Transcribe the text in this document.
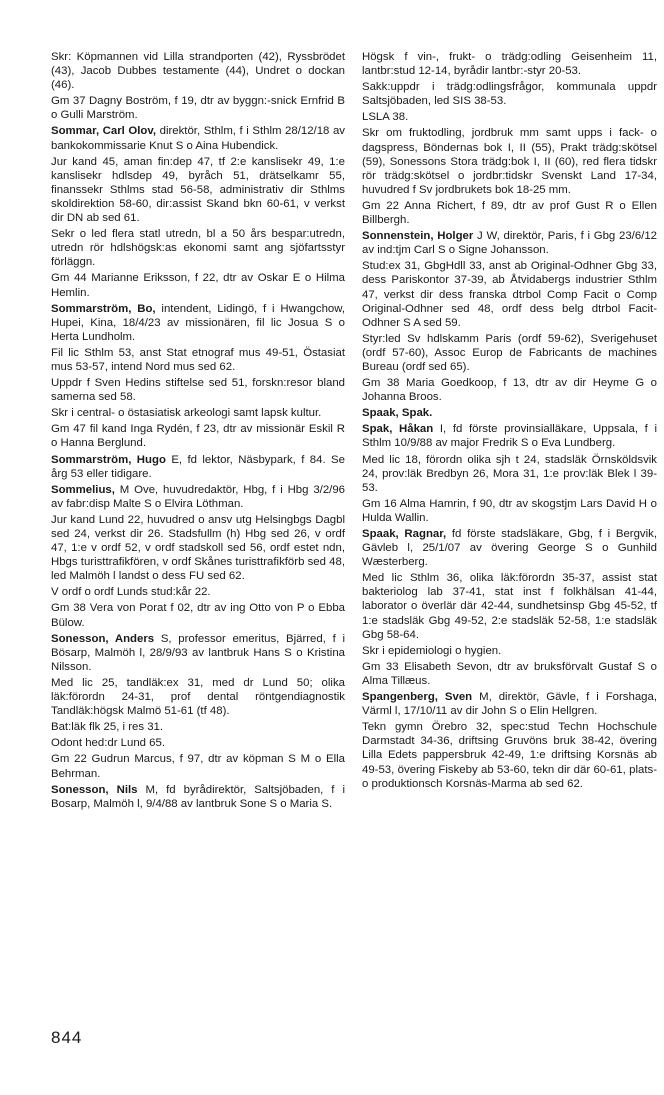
Skr: Köpmannen vid Lilla strandporten (42), Ryssbrödet (43), Jacob Dubbes testamente (44), Undret o dockan (46).

Gm 37 Dagny Boström, f 19, dtr av byggn:-snick Ernfrid B o Gulli Marström.

Sommar, Carl Olov, direktör, Sthlm, f i Sthlm 28/12/18 av bankokommissarie Knut S o Aina Hubendick.

Jur kand 45, aman fin:dep 47, tf 2:e kanslisekr 49, 1:e kanslisekr hdlsdep 49, byråch 51, drätselkamr 55, finanssekr Sthlms stad 56-58, administrativ dir Sthlms skoldirektion 58-60, dir:assist Skand bkn 60-61, v verkst dir DN ab sed 61.

Sekr o led flera statl utredn, bl a 50 års bespar:utredn, utredn rör hdlshögsk:as ekonomi samt ang sjöfartsstyr förläggn.

Gm 44 Marianne Eriksson, f 22, dtr av Oskar E o Hilma Hemlin.

Sommarström, Bo, intendent, Lidingö, f i Hwangchow, Hupei, Kina, 18/4/23 av missionären, fil lic Josua S o Herta Lundholm.

Fil lic Sthlm 53, anst Stat etnograf mus 49-51, Östasiat mus 53-57, intend Nord mus sed 62.

Uppdr f Sven Hedins stiftelse sed 51, forskn:resor bland samerna sed 58.

Skr i central- o östasiatisk arkeologi samt lapsk kultur.

Gm 47 fil kand Inga Rydén, f 23, dtr av missionär Eskil R o Hanna Berglund.

Sommarström, Hugo E, fd lektor, Näsbypark, f 84. Se årg 53 eller tidigare.

Sommelius, M Ove, huvudredaktör, Hbg, f i Hbg 3/2/96 av fabr:disp Malte S o Elvira Löthman.

Jur kand Lund 22, huvudred o ansv utg Helsingbgs Dagbl sed 24, verkst dir 26. Stadsfullm (h) Hbg sed 26, v ordf 47, 1:e v ordf 52, v ordf stadskoll sed 56, ordf estet ndn, Hbgs turisttrafikfören, v ordf Skånes turisttrafikförb sed 48, led Malmöh l landst o dess FU sed 62.

V ordf o ordf Lunds stud:kår 22.

Gm 38 Vera von Porat f 02, dtr av ing Otto von P o Ebba Bülow.

Sonesson, Anders S, professor emeritus, Bjärred, f i Bösarp, Malmöh l, 28/9/93 av lantbruk Hans S o Kristina Nilsson.

Med lic 25, tandläk:ex 31, med dr Lund 50; olika läk:förordn 24-31, prof dental röntgendiagnostik Tandläk:högsk Malmö 51-61 (tf 48).

Bat:läk flk 25, i res 31.

Odont hed:dr Lund 65.

Gm 22 Gudrun Marcus, f 97, dtr av köpman S M o Ella Behrman.

Sonesson, Nils M, fd byrådirektör, Saltsjöbaden, f i Bosarp, Malmöh l, 9/4/88 av lantbruk Sone S o Maria S.

Högsk f vin-, frukt- o trädg:odling Geisenheim 11, lantbr:stud 12-14, byrådir lantbr:-styr 20-53.

Sakk:uppdr i trädg:odlingsfrågor, kommunala uppdr Saltsjöbaden, led SIS 38-53.

LSLA 38.

Skr om fruktodling, jordbruk mm samt upps i fack- o dagspress, Böndernas bok I, II (55), Prakt trädg:skötsel (59), Sonessons Stora trädg:bok I, II (60), red flera tidskr rör trädg:skötsel o jordbr:tidskr Svenskt Land 17-34, huvudred f Sv jordbrukets bok 18-25 mm.

Gm 22 Anna Richert, f 89, dtr av prof Gust R o Ellen Billbergh.

Sonnenstein, Holger J W, direktör, Paris, f i Gbg 23/6/12 av ind:tjm Carl S o Signe Johansson.

Stud:ex 31, GbgHdll 33, anst ab Original-Odhner Gbg 33, dess Pariskontor 37-39, ab Åtvidabergs industrier Sthlm 47, verkst dir dess franska dtrbol Comp Facit o Comp Original-Odhner sed 48, ordf dess belg dtrbol Facit-Odhner S A sed 59.

Styr:led Sv hdlskamm Paris (ordf 59-62), Sverigehuset (ordf 57-60), Assoc Europ de Fabricants de machines Bureau (ordf sed 65).

Gm 38 Maria Goedkoop, f 13, dtr av dir Heyme G o Johanna Broos.

Spaak, Spak.

Spak, Håkan I, fd förste provinsialläkare, Uppsala, f i Sthlm 10/9/88 av major Fredrik S o Eva Lundberg.

Med lic 18, förordn olika sjh t 24, stadsläk Örnsköldsvik 24, prov:läk Bredbyn 26, Mora 31, 1:e prov:läk Blek l 39-53.

Gm 16 Alma Hamrin, f 90, dtr av skogstjm Lars David H o Hulda Wallin.

Spaak, Ragnar, fd förste stadsläkare, Gbg, f i Bergvik, Gävleb l, 25/1/07 av övering George S o Gunhild Wæsterberg.

Med lic Sthlm 36, olika läk:förordn 35-37, assist stat bakteriolog lab 37-41, stat inst f folkhälsan 41-44, laborator o överlär där 42-44, sundhetsinsp Gbg 45-52, tf 1:e stadsläk Gbg 49-52, 2:e stadsläk 52-58, 1:e stadsläk Gbg 58-64.

Skr i epidemiologi o hygien.

Gm 33 Elisabeth Sevon, dtr av bruksförvalt Gustaf S o Alma Tillæus.

Spangenberg, Sven M, direktör, Gävle, f i Forshaga, Värml l, 17/10/11 av dir John S o Elin Hellgren.

Tekn gymn Örebro 32, spec:stud Techn Hochschule Darmstadt 34-36, driftsing Gruvöns bruk 38-42, övering Lilla Edets pappersbruk 42-49, 1:e driftsing Korsnäs ab 49-53, övering Fiskeby ab 53-60, tekn dir där 60-61, plats- o produktionsch Korsnäs-Marma ab sed 62.

844
